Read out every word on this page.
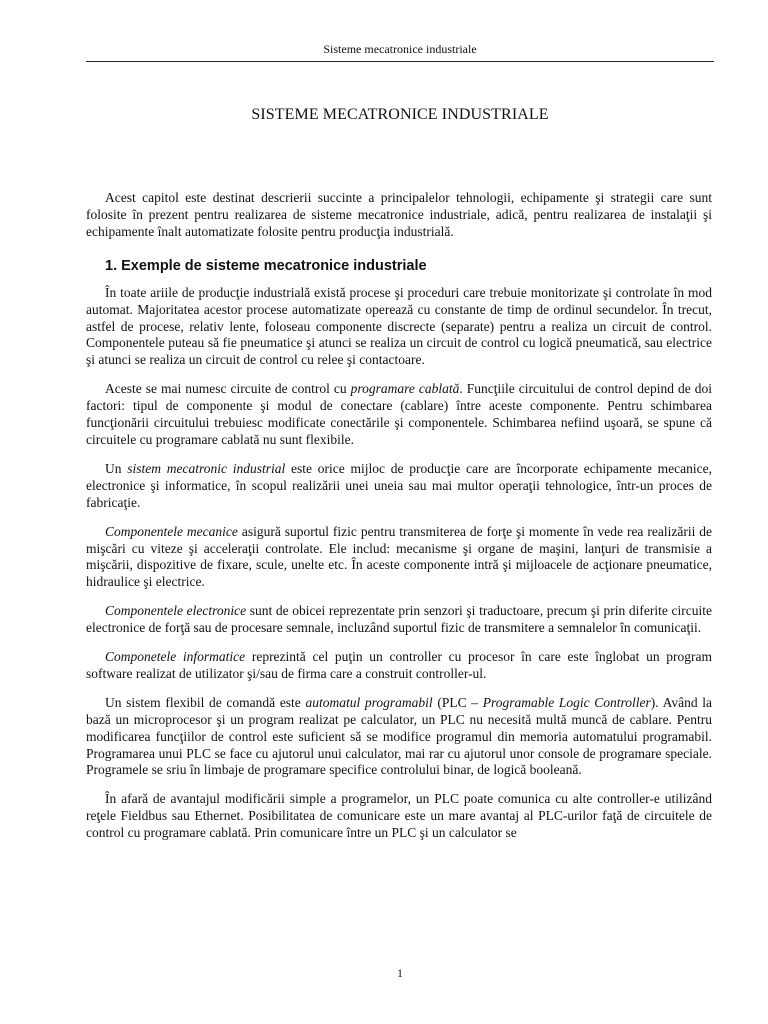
Sisteme mecatronice industriale
SISTEME MECATRONICE INDUSTRIALE

Acest capitol este destinat descrierii succinte a principalelor tehnologii, echipamente şi strategii care sunt folosite în prezent pentru realizarea de sisteme mecatronice industriale, adică, pentru realizarea de instalaţii şi echipamente înalt automatizate folosite pentru producţia industrială.

1. Exemple de sisteme mecatronice industriale

În toate ariile de producţie industrială există procese şi proceduri care trebuie monitorizate şi controlate în mod automat. Majoritatea acestor procese automatizate operează cu constante de timp de ordinul secundelor. În trecut, astfel de procese, relativ lente, foloseau componente discrecte (separate) pentru a realiza un circuit de control. Componentele puteau să fie pneumatice şi atunci se realiza un circuit de control cu logică pneumatică, sau electrice şi atunci se realiza un circuit de control cu relee şi contactoare.

Aceste se mai numesc circuite de control cu programare cablată. Funcţiile circuitului de control depind de doi factori: tipul de componente şi modul de conectare (cablare) între aceste componente. Pentru schimbarea funcţionării circuitului trebuiesc modificate conectările şi componentele. Schimbarea nefiind uşoară, se spune că circuitele cu programare cablată nu sunt flexibile.

Un sistem mecatronic industrial este orice mijloc de producţie care are încorporate echipamente mecanice, electronice şi informatice, în scopul realizării unei uneia sau mai multor operaţii tehnologice, într-un proces de fabricaţie.

Componentele mecanice asigură suportul fizic pentru transmiterea de forţe şi momente în vede rea realizării de mişcări cu viteze şi acceleraţii controlate. Ele includ: mecanisme şi organe de maşini, lanţuri de transmisie a mişcării, dispozitive de fixare, scule, unelte etc. În aceste componente intră şi mijloacele de acţionare pneumatice, hidraulice şi electrice.

Componentele electronice sunt de obicei reprezentate prin senzori şi traductoare, precum şi prin diferite circuite electronice de forţă sau de procesare semnale, incluzând suportul fizic de transmitere a semnalelor în comunicaţii.

Componetele informatice reprezintă cel puţin un controller cu procesor în care este înglobat un program software realizat de utilizator şi/sau de firma care a construit controller-ul.

Un sistem flexibil de comandă este automatul programabil (PLC – Programable Logic Controller). Având la bază un microprocesor şi un program realizat pe calculator, un PLC nu necesită multă muncă de cablare. Pentru modificarea funcţiilor de control este suficient să se modifice programul din memoria automatului programabil. Programarea unui PLC se face cu ajutorul unui calculator, mai rar cu ajutorul unor console de programare speciale. Programele se sriu în limbaje de programare specifice controlului binar, de logică booleană.

În afară de avantajul modificării simple a programelor, un PLC poate comunica cu alte controller-e utilizând reţele Fieldbus sau Ethernet. Posibilitatea de comunicare este un mare avantaj al PLC-urilor faţă de circuitele de control cu programare cablată. Prin comunicare între un PLC şi un calculator se

1
